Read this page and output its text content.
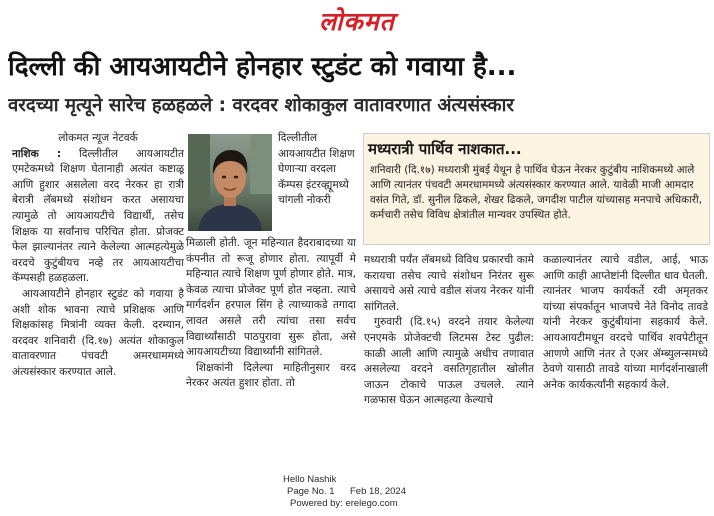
लोकमत
दिल्ली की आयआयटीने होनहार स्टुडंट को गवाया है...
वरदच्या मृत्यूने सारेच हळहळले : वरदवर शोकाकुल वातावरणात अंत्यसंस्कार

लोकमत न्यूज नेटवर्क

नाशिक : दिल्लीतील आयआयटीत एमटेकमध्ये शिक्षण घेतानाही अत्यंत कष्टाळू आणि हुशार असलेला वरद नेरकर हा रात्री बेरात्री लॅबमध्ये संशोधन करत असायचा त्यामुळे तो आयआयटीचे विद्यार्थी, तसेच शिक्षक या सर्वांनाच परिचित होता. प्रोजक्ट फेल झाल्यानंतर त्याने केलेल्या आत्महत्येमुळे वरदचे कुटुंबीयच नव्हे तर आयआयटीचा कॅम्पसही हळहळला.

आयआयटीने होनहार स्टुडंट को गवाया है अशी शोक भावना त्याचे प्रशिक्षक आणि शिक्षकांसह मित्रांनी व्यक्त केली. दरम्यान, वरदवर शनिवारी (दि.१७) अत्यंत शोकाकुल वातावरणात पंचवटी अमरधाममध्ये अंत्यसंस्कार करण्यात आले.

दिल्लीतील आयआयटीत शिक्षण घेणाऱ्या वरदला कॅम्पस इंटरव्ह्यूमध्ये चांगली नोकरी

मिळाली होती. जून महिन्यात हैदराबादच्या या कंपनीत तो रूजू होणार होता. त्यापूर्वी मे महिन्यात त्याचे शिक्षण पूर्ण होणार होते. मात्र, केवळ त्याचा प्रोजेक्ट पूर्ण होत नव्हता. त्याचे मार्गदर्शन हरपाल सिंग हे त्याच्याकडे तगादा लावत असले तरी त्यांचा तसा सर्वच विद्यार्थ्यांसाठी पाठपुरावा सुरू होता, असे आयआयटीच्या विद्यार्थ्यांनी सांगितले.

शिक्षकांनी दिलेल्या माहितीनुसार वरद नेरकर अत्यंत हुशार होता. तो

मध्यरात्री पार्थिव नाशकात...
शनिवारी (दि.१७) मध्यरात्री मुंबई येथून हे पार्थिव घेऊन नेरकर कुटुंबीय नाशिकमध्ये आले आणि त्यानंतर पंचवटी अमरधाममध्ये अंत्यसंस्कार करण्यात आले. यावेळी माजी आमदार वसंत गिते, डॉ. सुनील ढिकले, शेखर ढिकले, जगदीश पाटील यांच्यासह मनपाचे अधिकारी, कर्मचारी तसेच विविध क्षेत्रांतील मान्यवर उपस्थित होते.

मध्यरात्री पर्यंत लॅबमध्ये विविध प्रकारची कामे करायचा तसेच त्याचे संशोधन निरंतर सुरू असायचे असे त्याचे वडील संजय नेरकर यांनी सांगितले.

गुरुवारी (दि.१५) वरदने तयार केलेल्या एनएमके प्रोजेक्टची लिटमस टेस्ट पुढील: काळी आली आणि त्यामुळे अधीच तणावात असलेल्या वरदने वसतिगृहातील खोलीत जाऊन टोकाचे पाऊल उचलले. त्याने गळफास घेऊन आत्महत्या केल्याचे

कळाल्यानंतर त्याचे वडील, आई, भाऊ आणि काही आप्तेष्टांनी दिल्लीत धाव घेतली. त्यानंतर भाजप कार्यकर्ते रवी अमृतकर यांच्या संपर्कातून भाजपचे नेते विनोद तावडे यांनी नेरकर कुटुंबीयांना सहकार्य केले. आयआयटीमधून वरदचे पार्थिव शवपेटीतून आणणे आणि नंतर ते एअर ॲम्ब्युलन्समध्ये ठेवणे यासाठी तावडे यांच्या मार्गदर्शनाखाली अनेक कार्यकर्त्यांनी सहकार्य केले.

Hello Nashik
Page No. 1 Feb 18, 2024
Powered by: erelego.com
